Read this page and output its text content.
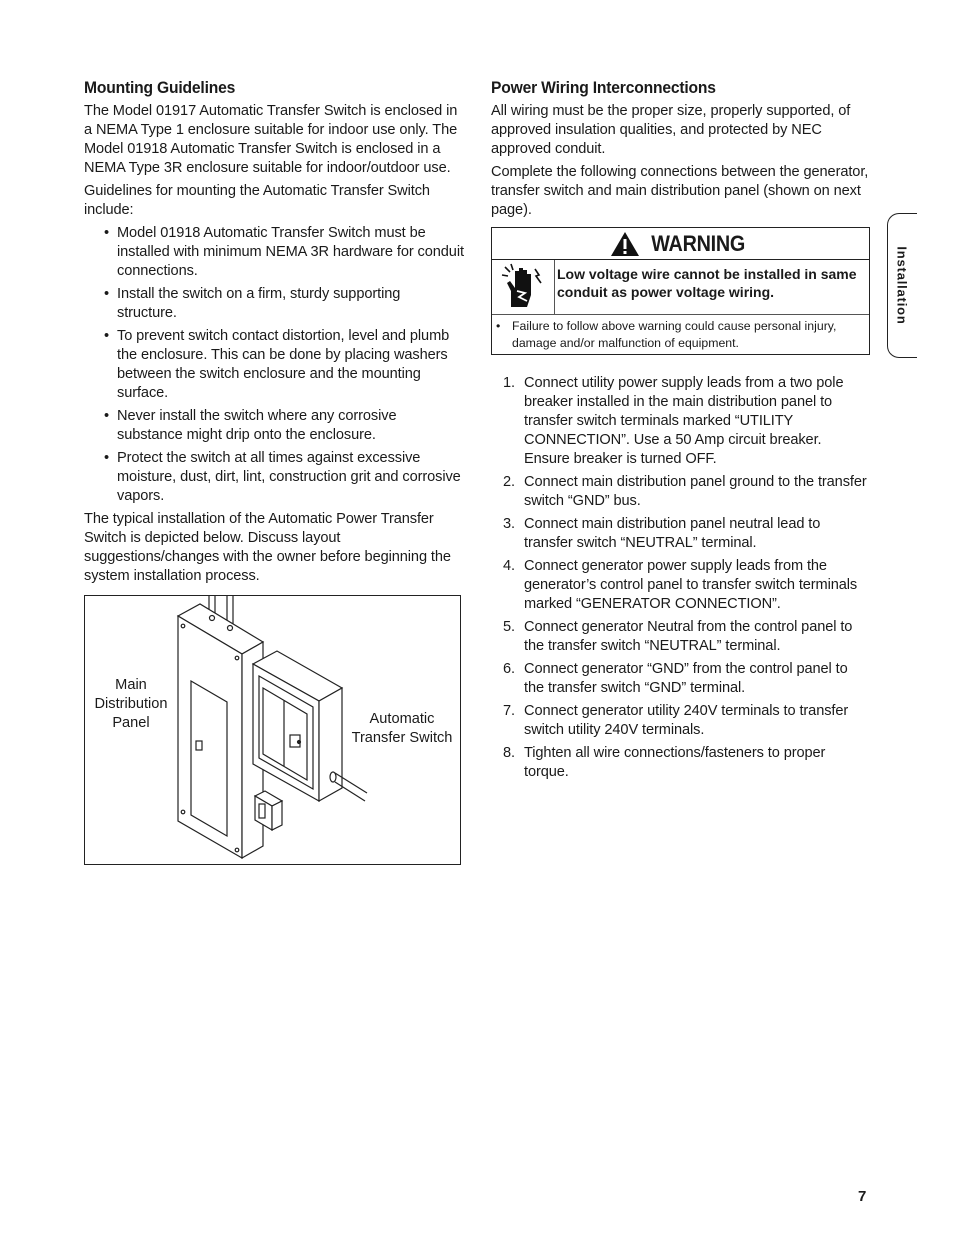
Mounting Guidelines

The Model 01917 Automatic Transfer Switch is enclosed in a NEMA Type 1 enclosure suitable for indoor use only. The Model 01918 Automatic Transfer Switch is enclosed in a NEMA Type 3R enclosure suitable for indoor/outdoor use.

Guidelines for mounting the Automatic Transfer Switch include:

• Model 01918 Automatic Transfer Switch must be installed with minimum NEMA 3R hardware for conduit connections.
• Install the switch on a firm, sturdy supporting structure.
• To prevent switch contact distortion, level and plumb the enclosure. This can be done by placing washers between the switch enclosure and the mounting surface.
• Never install the switch where any corrosive substance might drip onto the enclosure.
• Protect the switch at all times against excessive moisture, dust, dirt, lint, construction grit and corrosive vapors.

The typical installation of the Automatic Power Transfer Switch is depicted below. Discuss layout suggestions/changes with the owner before beginning the system installation process.

Main Distribution Panel	Automatic Transfer Switch
Power Wiring Interconnections

All wiring must be the proper size, properly supported, of approved insulation qualities, and protected by NEC approved conduit.

Complete the following connections between the generator, transfer switch and main distribution panel (shown on next page).

1. Connect utility power supply leads from a two pole breaker installed in the main distribution panel to transfer switch terminals marked “UTILITY CONNECTION”. Use a 50 Amp circuit breaker. Ensure breaker is turned OFF.
2. Connect main distribution panel ground to the transfer switch “GND” bus.
3. Connect main distribution panel neutral lead to transfer switch “NEUTRAL” terminal.
4. Connect generator power supply leads from the generator’s control panel to transfer switch terminals marked “GENERATOR CONNECTION”.
5. Connect generator Neutral from the control panel to the transfer switch “NEUTRAL” terminal.
6. Connect generator “GND” from the control panel to the transfer switch “GND” terminal.
7. Connect generator utility 240V terminals to transfer switch utility 240V terminals.
8. Tighten all wire connections/fasteners to proper torque.
WARNING
Low voltage wire cannot be installed in same conduit as power voltage wiring.
• Failure to follow above warning could cause personal injury, damage and/or malfunction of equipment.
Installation
7
